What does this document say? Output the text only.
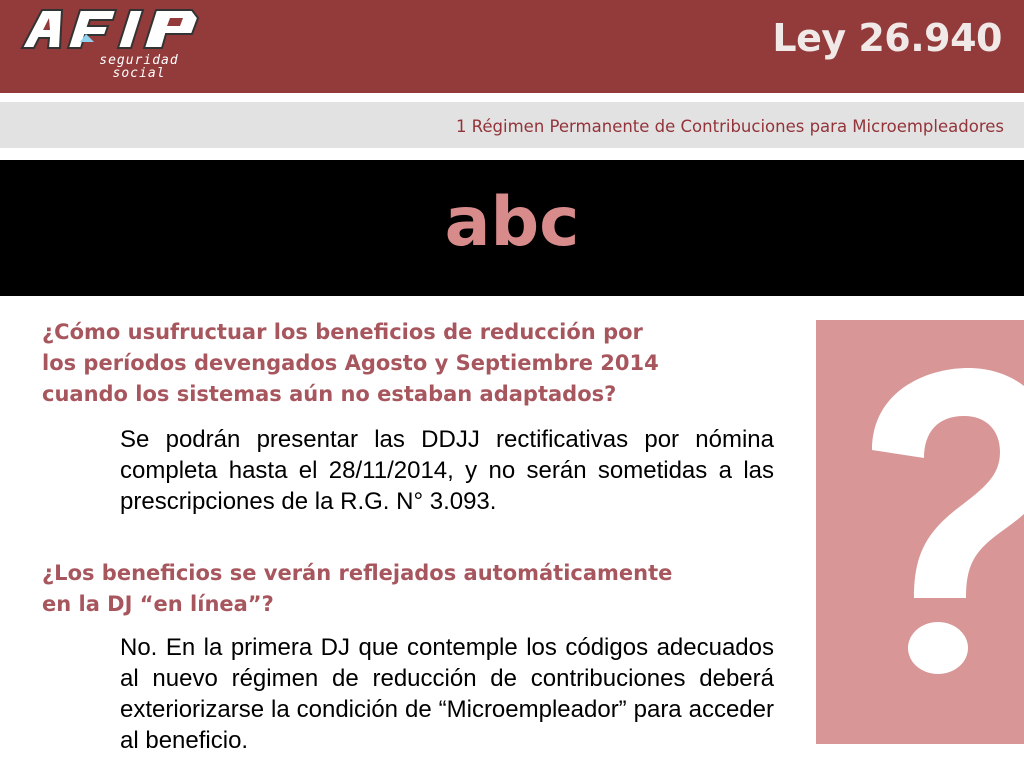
seguridad social
Ley 26.940
1 Régimen Permanente de Contribuciones para Microempleadores
abc
¿Cómo usufructuar los beneficios de reducción por
los períodos devengados Agosto y Septiembre 2014
cuando los sistemas aún no estaban adaptados?
Se podrán presentar las DDJJ rectificativas por nómina completa hasta el 28/11/2014, y no serán sometidas a las prescripciones de la R.G. N° 3.093.
¿Los beneficios se verán reflejados automáticamente
en la DJ “en línea”?
No. En la primera DJ que contemple los códigos adecuados al nuevo régimen de reducción de contribuciones deberá exteriorizarse la condición de “Microempleador” para acceder al beneficio.
